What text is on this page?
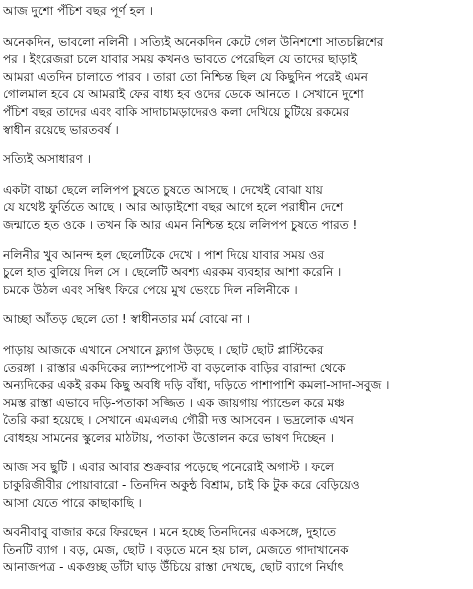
আজ দুশো পঁচিশ বছর পূর্ণ হল ।
অনেকদিন, ভাবলো নলিনী । সত্যিই অনেকদিন কেটে গেল উনিশশো সাতচল্লিশের
পর । ইংরেজরা চলে যাবার সময় কখনও ভাবতে পেরেছিল যে তাদের ছাড়াই
আমরা এতদিন চালাতে পারব । তারা তো নিশ্চিন্ত ছিল যে কিছুদিন পরেই এমন
গোলমাল হবে যে আমরাই ফের বাধ্য হব ওদের ডেকে আনতে । সেখানে দুশো
পঁচিশ বছর তাদের এবং বাকি সাদাচামড়াদেরও কলা দেখিয়ে চুটিয়ে রকমের
স্বাধীন রয়েছে ভারতবর্ষ ।
সত্যিই অসাধারণ ।
একটা বাচ্চা ছেলে ললিপপ চুষতে চুষতে আসছে । দেখেই বোঝা যায়
যে যথেষ্ট ফুর্তিতে আছে । আর আড়াইশো বছর আগে হলে পরাধীন দেশে
জন্মাতে হত ওকে । তখন কি আর এমন নিশ্চিন্ত হয়ে ললিপপ চুষতে পারত !
নলিনীর খুব আনন্দ হল ছেলেটিকে দেখে । পাশ দিয়ে যাবার সময় ওর
চুলে হাত বুলিয়ে দিল সে । ছেলেটি অবশ্য এরকম ব্যবহার আশা করেনি ।
চমকে উঠল এবং সম্বিৎ ফিরে পেয়ে মুখ ভেংচে দিল নলিনীকে ।
আচ্ছা আঁতড় ছেলে তো ! স্বাধীনতার মর্ম বোঝে না ।
পাড়ায় আজকে এখানে সেখানে ফ্ল্যাগ উড়ছে । ছোট ছোট প্লাস্টিকের
তেরঙ্গা । রাস্তার একদিকের ল্যাম্পপোস্ট বা বড়লোক বাড়ির বারান্দা থেকে
অন্যদিকের একই রকম কিছু অবধি দড়ি বাঁধা, দড়িতে পাশাপাশি কমলা-সাদা-সবুজ ।
সমস্ত রাস্তা এভাবে দড়ি-পতাকা সজ্জিত । এক জায়গায় প্যান্ডেল করে মঞ্চ
তৈরি করা হয়েছে । সেখানে এমএলএ গৌরী দত্ত আসবেন । ভদ্রলোক এখন
বোধহয় সামনের স্কুলের মাঠটায়, পতাকা উত্তোলন করে ভাষণ দিচ্ছেন ।
আজ সব ছুটি । এবার আবার শুক্রবার পড়েছে পনেরোই অগাস্ট । ফলে
চাকুরিজীবীর পোয়াবারো - তিনদিন অকুন্ঠ বিশ্রাম, চাই কি টুক করে বেড়িয়েও
আসা যেতে পারে কাছাকাছি ।
অবনীবাবু বাজার করে ফিরছেন । মনে হচ্ছে তিনদিনের একসঙ্গে, দুহাতে
তিনটি ব্যাগ । বড়, মেজ, ছোট । বড়তে মনে হয় চাল, মেজতে গাদাখানেক
আনাজপত্র - একগুচ্ছ ডাঁটা ঘাড় উঁচিয়ে রাস্তা দেখছে, ছোট ব্যাগে নির্ঘাৎ
